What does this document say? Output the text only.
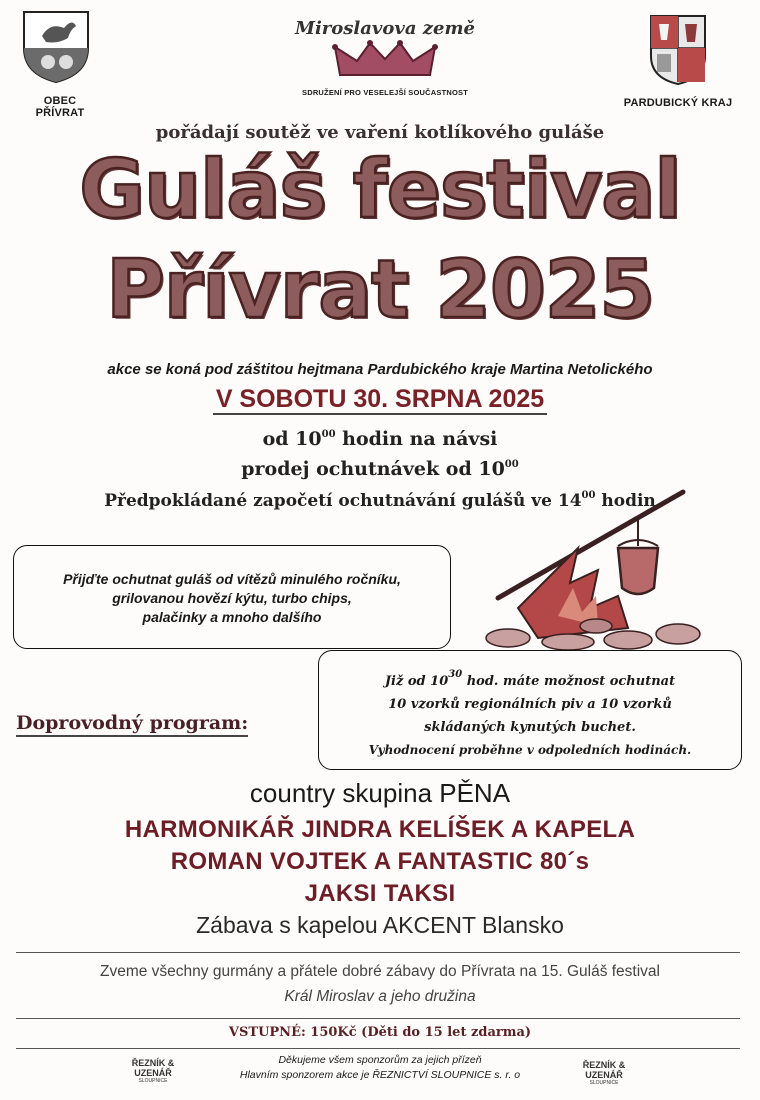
OBEC PŘÍVRAT
Miroslavova země
SDRUŽENÍ PRO VESELEJŠÍ SOUČASTNOST
PARDUBICKÝ KRAJ
pořádají soutěž ve vaření kotlíkového guláše
Guláš festival
Přívrat 2025
akce se koná pod záštitou hejtmana Pardubického kraje Martina Netolického
V SOBOTU 30. SRPNA 2025
od $10^{00}$ hodin na návsi
prodej ochutnávek od $10^{00}$
Předpokládané započetí ochutnávání gulášů ve $14^{00}$ hodin
Přijďte ochutnat guláš od vítězů minulého ročníku,
grilovanou hovězí kýtu, turbo chips,
palačinky a mnoho dalšího
Již od $10^{30}$ hod. máte možnost ochutnat
10 vzorků regionálních piv a 10 vzorků
skládaných kynutých buchet.
Vyhodnocení proběhne v odpoledních hodinách.
Doprovodný program:
country skupina PĚNA
HARMONIKÁŘ JINDRA KELÍŠEK A KAPELA
ROMAN VOJTEK A FANTASTIC 80´s
JAKSI TAKSI
Zábava s kapelou AKCENT Blansko
Zveme všechny gurmány a přátele dobré zábavy do Přívrata na 15. Guláš festival
Král Miroslav a jeho družina
VSTUPNÉ: 150Kč (Děti do 15 let zdarma)
ŘEZNÍK & UZENÁŘ
SLOUPNICE
Děkujeme všem sponzorům za jejich přízeň
Hlavním sponzorem akce je ŘEZNICTVÍ SLOUPNICE s. r. o
ŘEZNÍK & UZENÁŘ
SLOUPNICE
